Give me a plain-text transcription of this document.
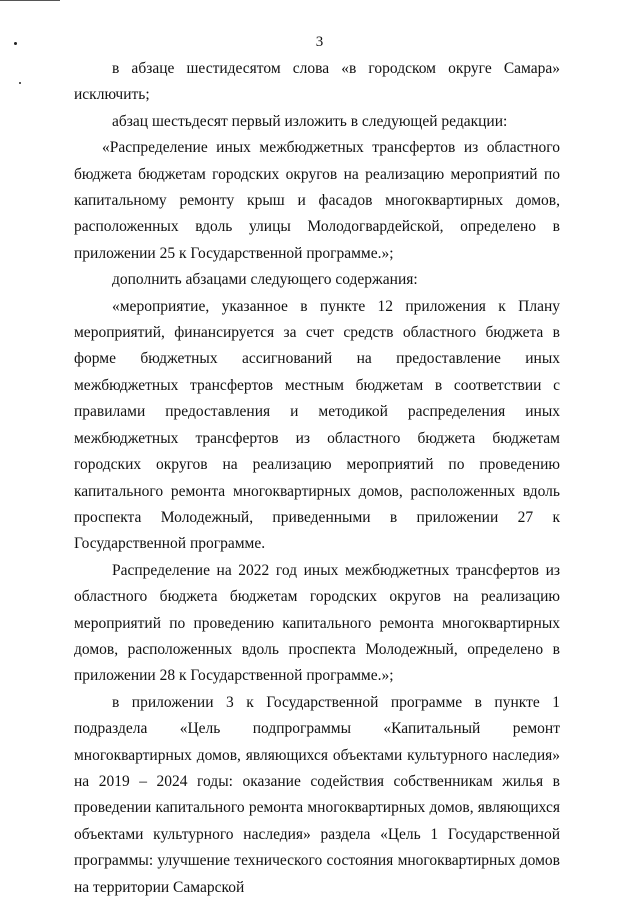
3

в абзаце шестидесятом слова «в городском округе Самара» исключить;

абзац шестьдесят первый изложить в следующей редакции:

«Распределение иных межбюджетных трансфертов из областного бюджета бюджетам городских округов на реализацию мероприятий по капитальному ремонту крыш и фасадов многоквартирных домов, расположенных вдоль улицы Молодогвардейской, определено в приложении 25 к Государственной программе.»;

дополнить абзацами следующего содержания:

«мероприятие, указанное в пункте 12 приложения к Плану мероприятий, финансируется за счет средств областного бюджета в форме бюджетных ассигнований на предоставление иных межбюджетных трансфертов местным бюджетам в соответствии с правилами предоставления и методикой распределения иных межбюджетных трансфертов из областного бюджета бюджетам городских округов на реализацию мероприятий по проведению капитального ремонта многоквартирных домов, расположенных вдоль проспекта Молодежный, приведенными в приложении 27 к Государственной программе.

Распределение на 2022 год иных межбюджетных трансфертов из областного бюджета бюджетам городских округов на реализацию мероприятий по проведению капитального ремонта многоквартирных домов, расположенных вдоль проспекта Молодежный, определено в приложении 28 к Государственной программе.»;

в приложении 3 к Государственной программе в пункте 1 подраздела «Цель подпрограммы «Капитальный ремонт многоквартирных домов, являющихся объектами культурного наследия» на 2019 – 2024 годы: оказание содействия собственникам жилья в проведении капитального ремонта многоквартирных домов, являющихся объектами культурного наследия» раздела «Цель 1 Государственной программы: улучшение технического состояния многоквартирных домов на территории Самарской
